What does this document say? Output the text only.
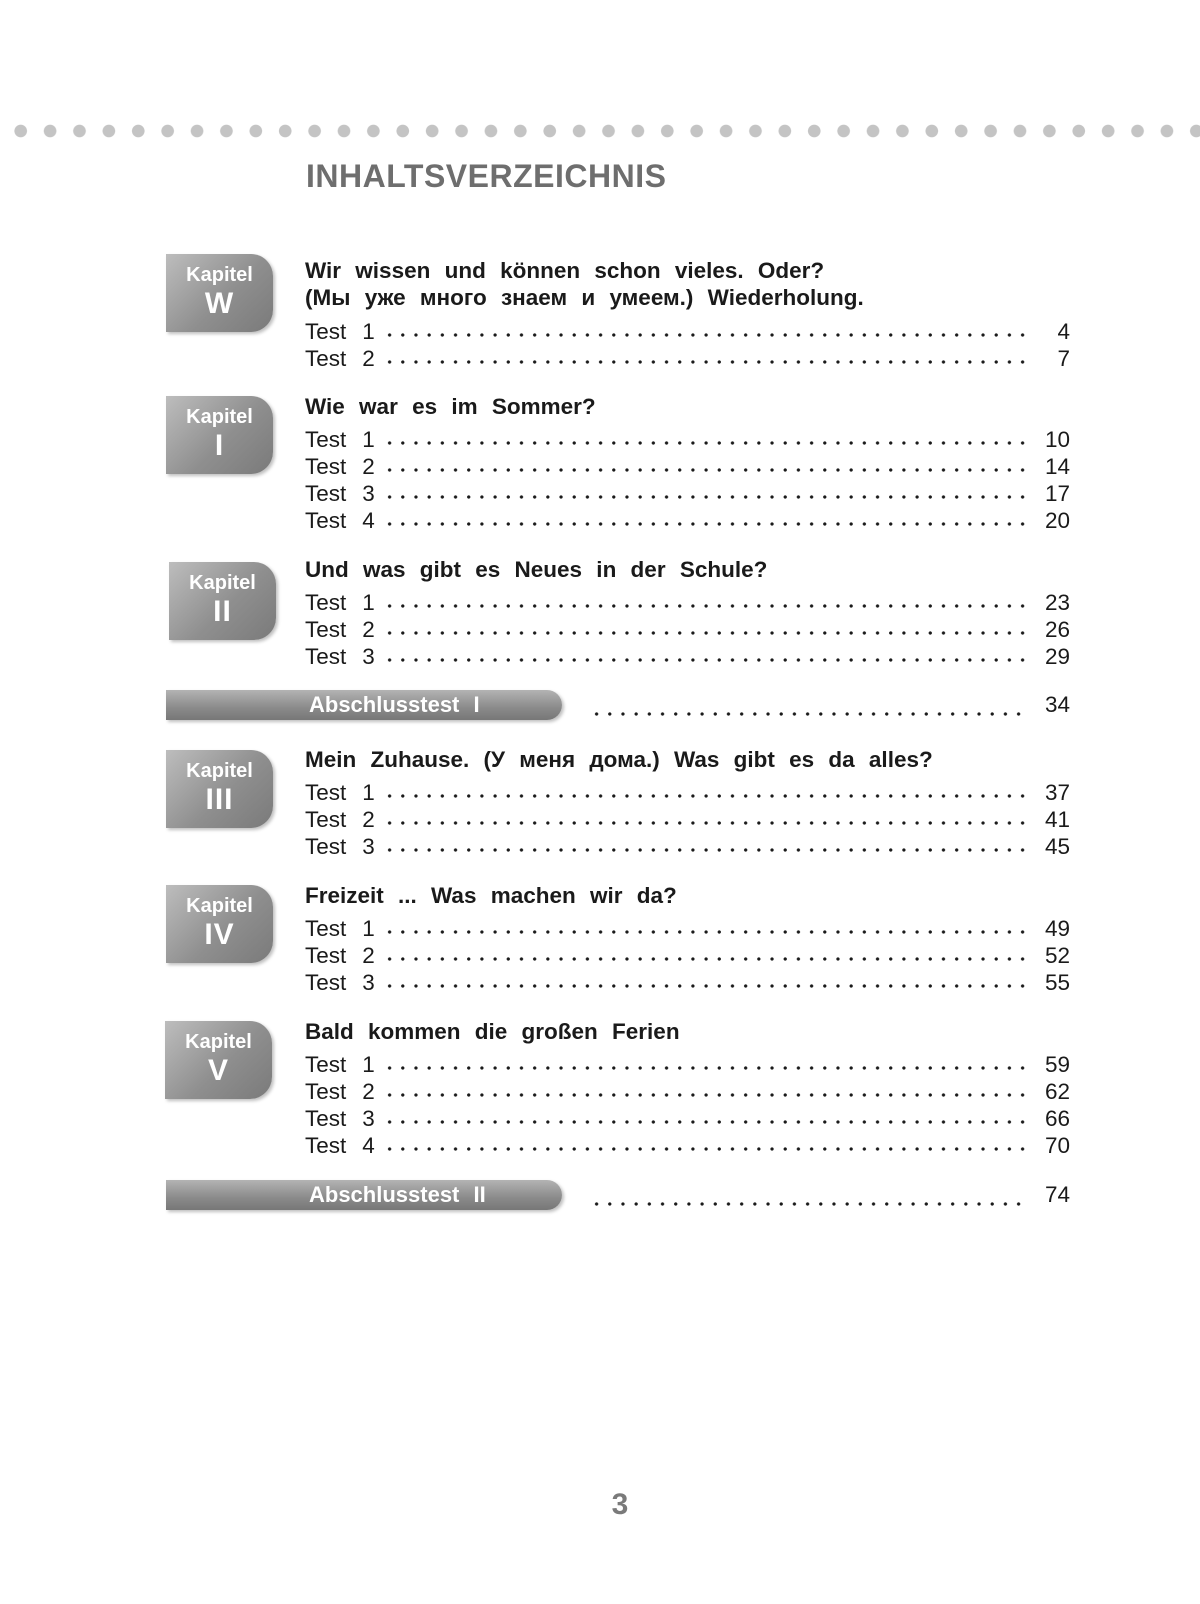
INHALTSVERZEICHNIS
Kapitel
W
Wir wissen und können schon vieles. Oder?
(Мы уже много знаем и умеем.) Wiederholung.
Test 1	4
Test 2	7
Kapitel
I
Wie war es im Sommer?
Test 1	10
Test 2	14
Test 3	17
Test 4	20
Kapitel
II
Und was gibt es Neues in der Schule?
Test 1	23
Test 2	26
Test 3	29
Abschlusstest I	34
Kapitel
III
Mein Zuhause. (У меня дома.) Was gibt es da alles?
Test 1	37
Test 2	41
Test 3	45
Kapitel
IV
Freizeit ... Was machen wir da?
Test 1	49
Test 2	52
Test 3	55
Kapitel
V
Bald kommen die großen Ferien
Test 1	59
Test 2	62
Test 3	66
Test 4	70
Abschlusstest II	74
3
